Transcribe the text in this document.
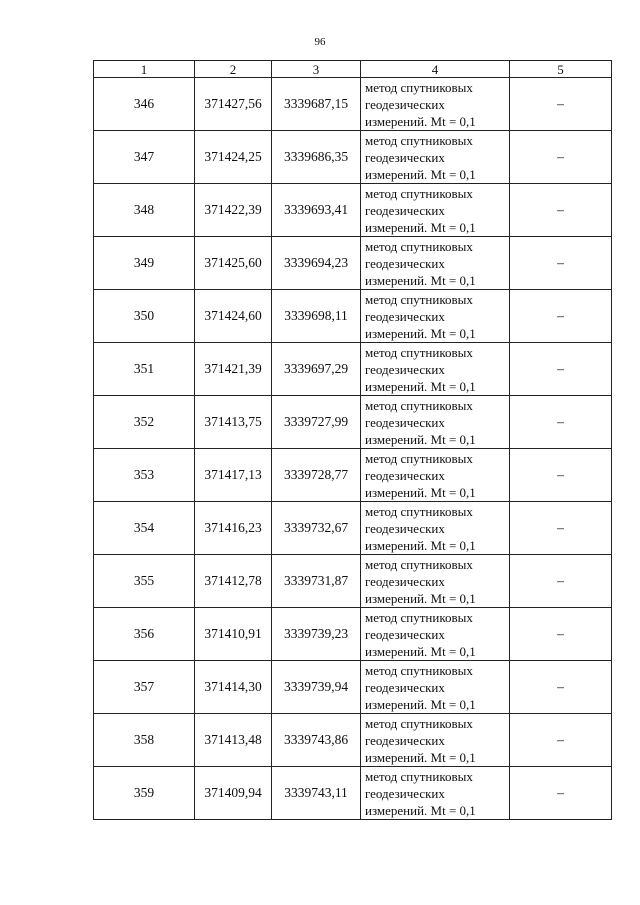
96
1	2	3	4	5
346	371427,56	3339687,15	метод спутниковых
геодезических
измерений. Mt = 0,1	–
347	371424,25	3339686,35	метод спутниковых
геодезических
измерений. Mt = 0,1	–
348	371422,39	3339693,41	метод спутниковых
геодезических
измерений. Mt = 0,1	–
349	371425,60	3339694,23	метод спутниковых
геодезических
измерений. Mt = 0,1	–
350	371424,60	3339698,11	метод спутниковых
геодезических
измерений. Mt = 0,1	–
351	371421,39	3339697,29	метод спутниковых
геодезических
измерений. Mt = 0,1	–
352	371413,75	3339727,99	метод спутниковых
геодезических
измерений. Mt = 0,1	–
353	371417,13	3339728,77	метод спутниковых
геодезических
измерений. Mt = 0,1	–
354	371416,23	3339732,67	метод спутниковых
геодезических
измерений. Mt = 0,1	–
355	371412,78	3339731,87	метод спутниковых
геодезических
измерений. Mt = 0,1	–
356	371410,91	3339739,23	метод спутниковых
геодезических
измерений. Mt = 0,1	–
357	371414,30	3339739,94	метод спутниковых
геодезических
измерений. Mt = 0,1	–
358	371413,48	3339743,86	метод спутниковых
геодезических
измерений. Mt = 0,1	–
359	371409,94	3339743,11	метод спутниковых
геодезических
измерений. Mt = 0,1	–
